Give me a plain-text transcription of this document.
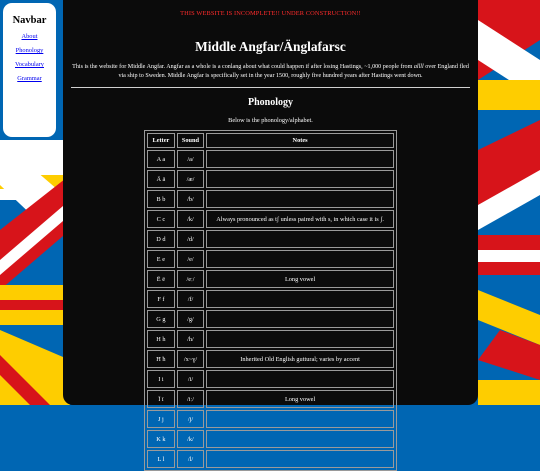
Navbar
About
Phonology
Vocabulary
Grammar
THIS WEBSITE IS INCOMPLETE!! UNDER CONSTRUCTION!!
Middle Angfar/Änglafarsc

This is the website for Middle Angfar. Angfar as a whole is a conlang about what could happen if after losing Hastings, ~1,000 people from allll over England fled via ship to Sweden. Middle Angfar is specifically set in the year 1500, roughly five hundred years after Hastings went down.

Phonology

Below is the phonology/alphabet.

Letter	Sound	Notes
A a	/a/	
Ä ä	/æ/	
B b	/b/	
C c	/k/	Always pronounced as tʃ unless paired with s, in which case it is ʃ.
D d	/d/	
E e	/e/	
Ē ē	/eː/	Long vowel
F f	/f/	
G g	/g/	
H h	/h/	
Ħ ħ	/x~ɣ/	Inherited Old English guttural; varies by accent
I i	/i/	
Ī ī	/iː/	Long vowel
J j	/j/	
K k	/k/	
L l	/l/	
